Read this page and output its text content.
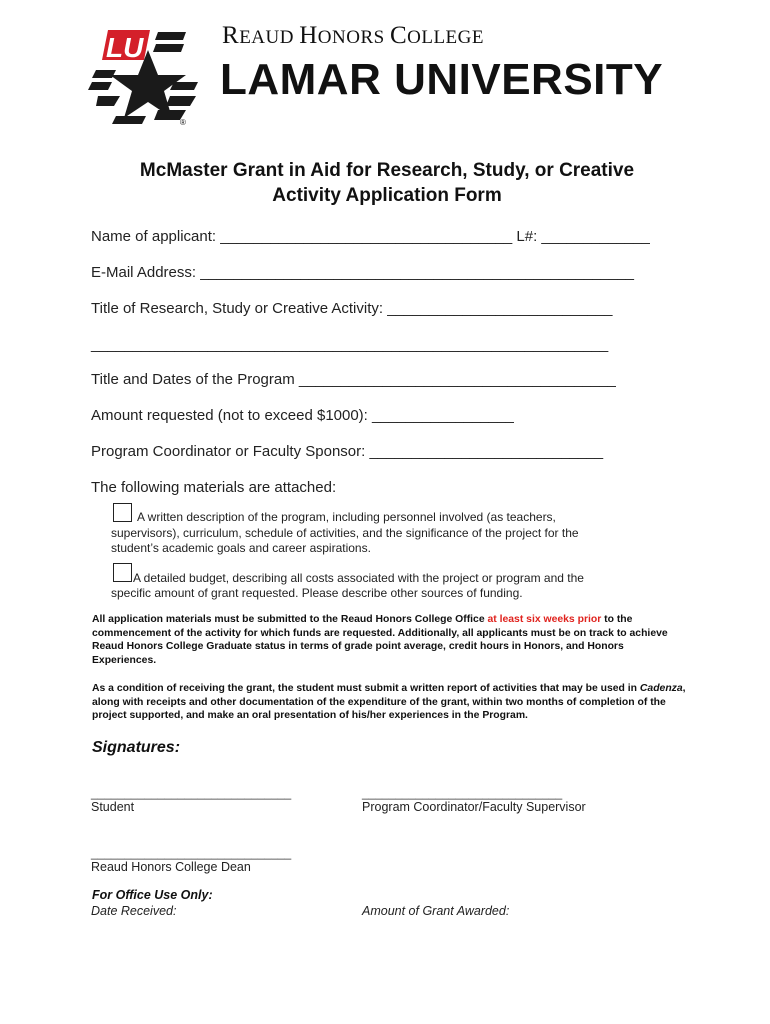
LU
®
REAUD HONORS COLLEGE
LAMAR UNIVERSITY
McMaster Grant in Aid for Research, Study, or Creative
Activity Application Form
Name of applicant: ___________________________________ L#: _____________
E-Mail Address: ____________________________________________________
Title of Research, Study or Creative Activity: ___________________________
______________________________________________________________
Title and Dates of the Program ______________________________________
Amount requested (not to exceed $1000): _________________
Program Coordinator or Faculty Sponsor: ____________________________
The following materials are attached:
A written description of the program, including personnel involved (as teachers,
supervisors), curriculum, schedule of activities, and the significance of the project for the
student’s academic goals and career aspirations.
A detailed budget, describing all costs associated with the project or program and the
specific amount of grant requested. Please describe other sources of funding.
All application materials must be submitted to the Reaud Honors College Office at least six weeks prior to the commencement of the activity for which funds are requested. Additionally, all applicants must be on track to achieve Reaud Honors College Graduate status in terms of grade point average, credit hours in Honors, and Honors Experiences.
As a condition of receiving the grant, the student must submit a written report of activities that may be used in Cadenza, along with receipts and other documentation of the expenditure of the grant, within two months of completion of the project supported, and make an oral presentation of his/her experiences in the Program.
Signatures:
______________________________
Student
______________________________
Program Coordinator/Faculty Supervisor
______________________________
Reaud Honors College Dean
For Office Use Only:
Date Received:	Amount of Grant Awarded:
